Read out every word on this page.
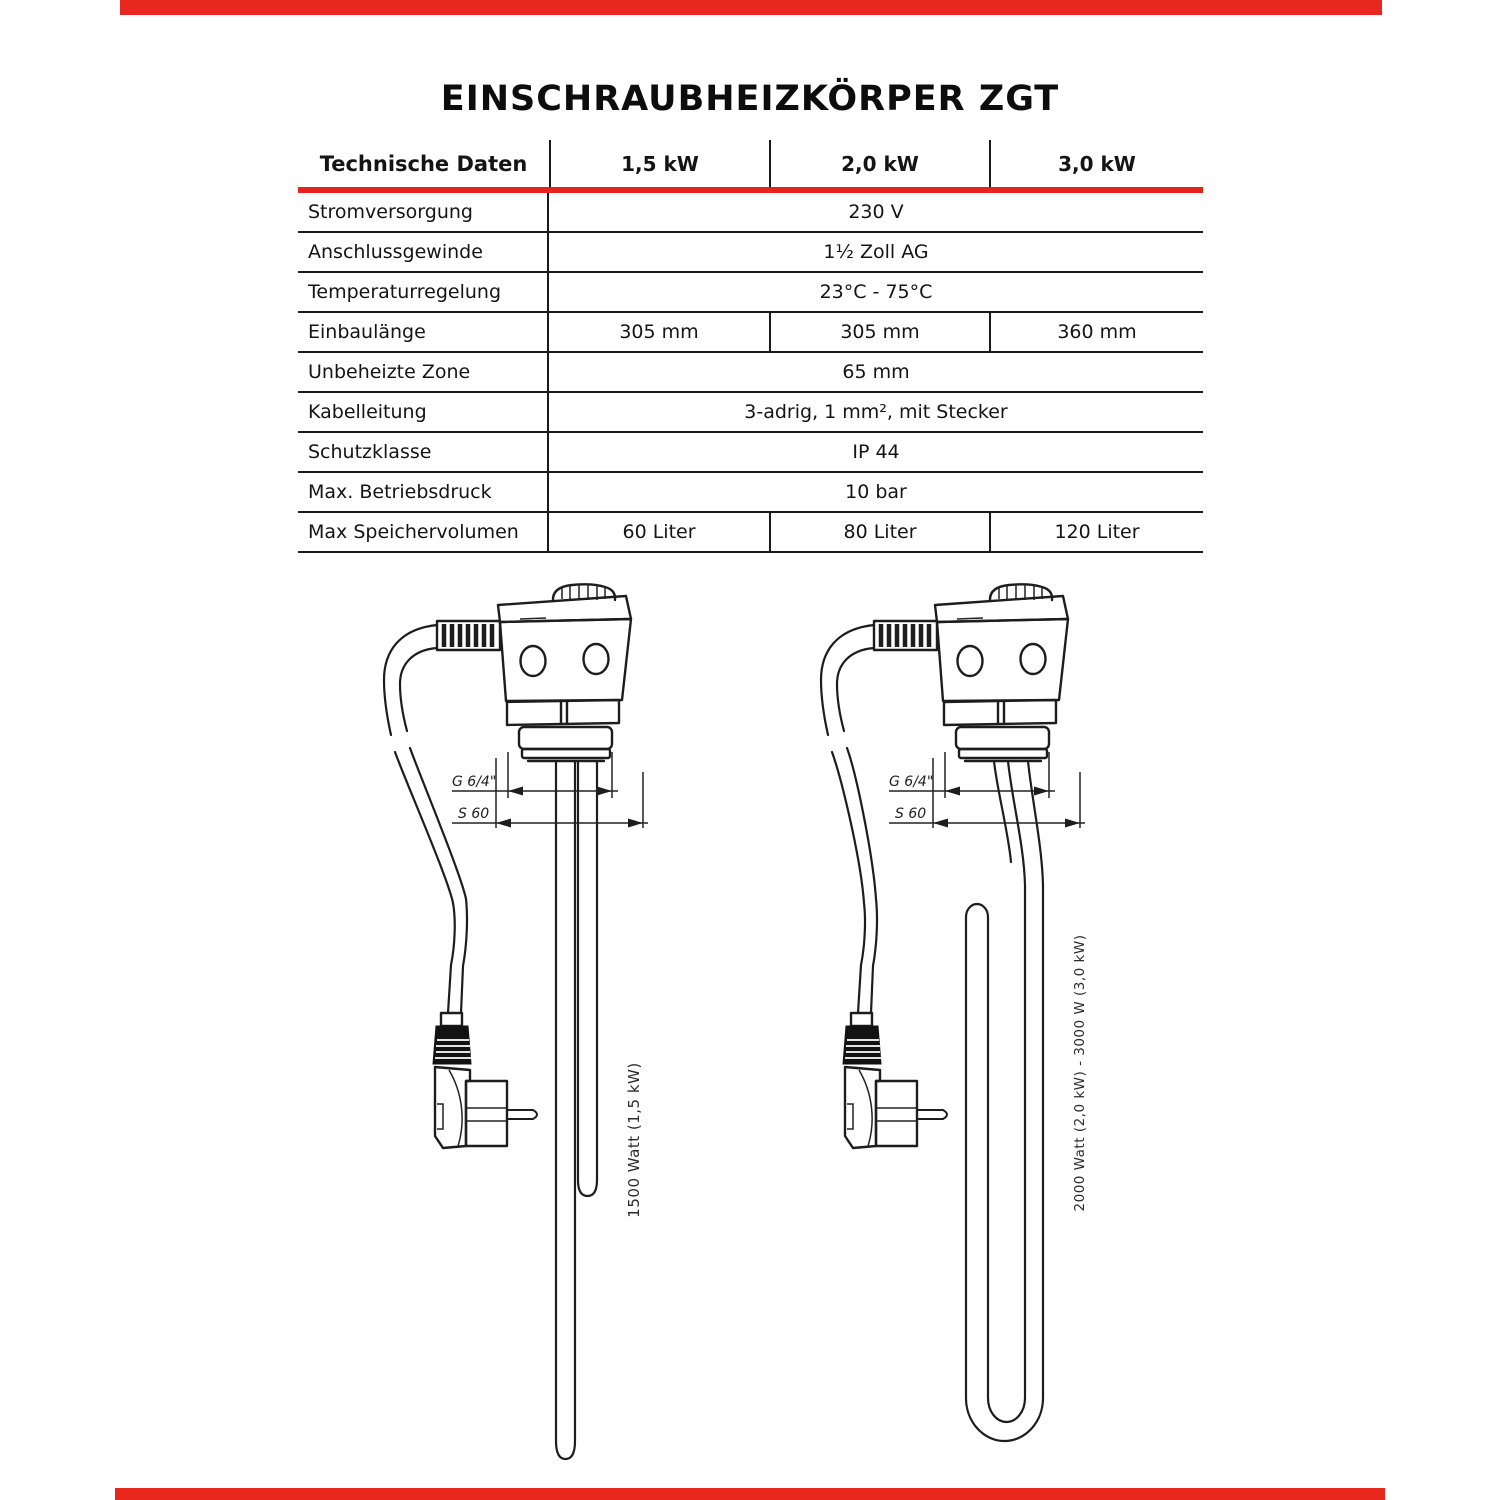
EINSCHRAUBHEIZKÖRPER ZGT
Technische Daten	1,5 kW	2,0 kW	3,0 kW
Stromversorgung	230 V
Anschlussgewinde	1½ Zoll AG
Temperaturregelung	23°C - 75°C
Einbaulänge	305 mm	305 mm	360 mm
Unbeheizte Zone	65 mm
Kabelleitung	3-adrig, 1 mm², mit Stecker
Schutzklasse	IP 44
Max. Betriebsdruck	10 bar
Max Speichervolumen	60 Liter	80 Liter	120 Liter
G 6/4"
S 60
1500 Watt (1,5 kW)
G 6/4"
S 60
2000 Watt (2,0 kW) - 3000 W (3,0 kW)
